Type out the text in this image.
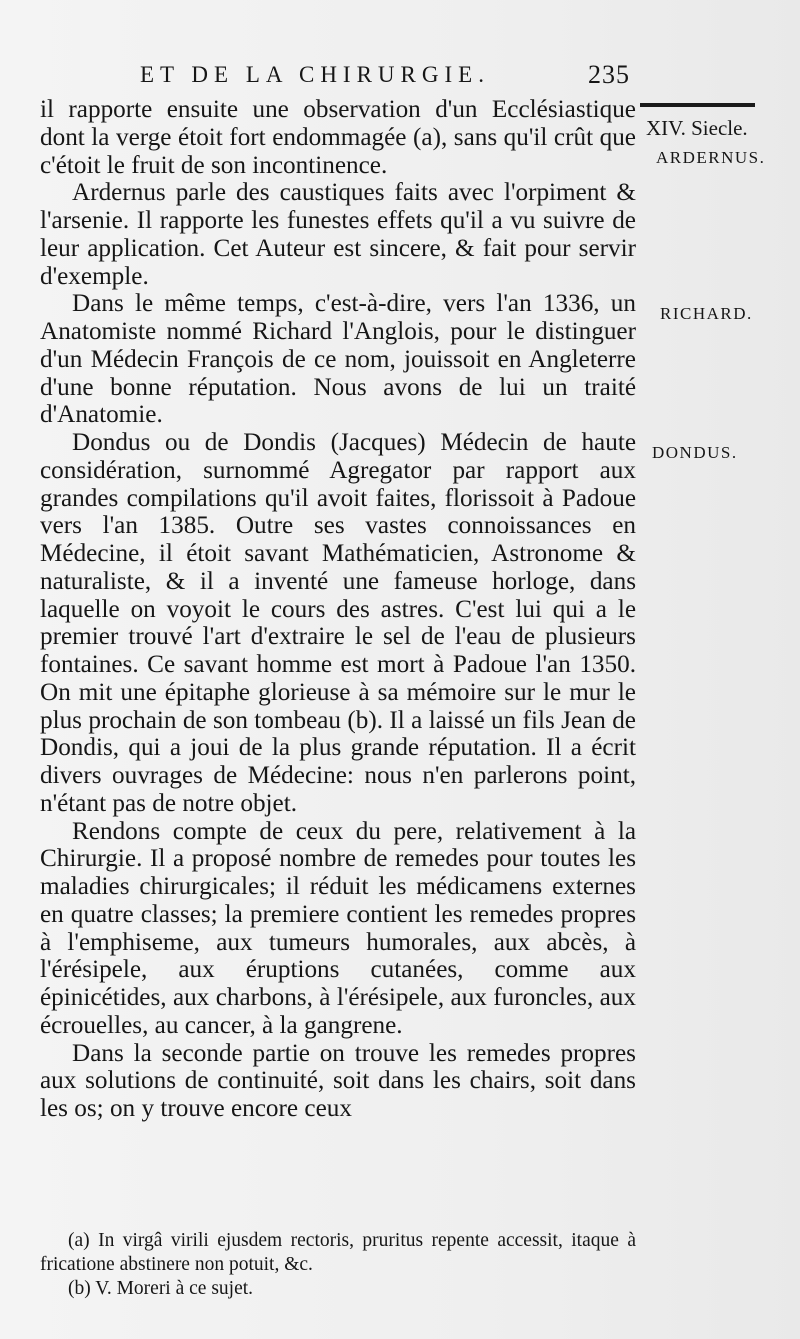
ET DE LA CHIRURGIE.	235
XIV. Siecle.
ARDERNUS.
RICHARD.
DONDUS.

il rapporte ensuite une observation d'un Ecclésiastique dont la verge étoit fort endommagée (a), sans qu'il crût que c'étoit le fruit de son incontinence.

Ardernus parle des caustiques faits avec l'orpiment & l'arsenie. Il rapporte les funestes effets qu'il a vu suivre de leur application. Cet Auteur est sincere, & fait pour servir d'exemple.

Dans le même temps, c'est-à-dire, vers l'an 1336, un Anatomiste nommé Richard l'Anglois, pour le distinguer d'un Médecin François de ce nom, jouissoit en Angleterre d'une bonne réputation. Nous avons de lui un traité d'Anatomie.

Dondus ou de Dondis (Jacques) Médecin de haute considération, surnommé Agregator par rapport aux grandes compilations qu'il avoit faites, florissoit à Padoue vers l'an 1385. Outre ses vastes connoissances en Médecine, il étoit savant Mathématicien, Astronome & naturaliste, & il a inventé une fameuse horloge, dans laquelle on voyoit le cours des astres. C'est lui qui a le premier trouvé l'art d'extraire le sel de l'eau de plusieurs fontaines. Ce savant homme est mort à Padoue l'an 1350. On mit une épitaphe glorieuse à sa mémoire sur le mur le plus prochain de son tombeau (b). Il a laissé un fils Jean de Dondis, qui a joui de la plus grande réputation. Il a écrit divers ouvrages de Médecine: nous n'en parlerons point, n'étant pas de notre objet.

Rendons compte de ceux du pere, relativement à la Chirurgie. Il a proposé nombre de remedes pour toutes les maladies chirurgicales; il réduit les médicamens externes en quatre classes; la premiere contient les remedes propres à l'emphiseme, aux tumeurs humorales, aux abcès, à l'érésipele, aux éruptions cutanées, comme aux épinicétides, aux charbons, à l'érésipele, aux furoncles, aux écrouelles, au cancer, à la gangrene.

Dans la seconde partie on trouve les remedes propres aux solutions de continuité, soit dans les chairs, soit dans les os; on y trouve encore ceux

(a) In virgâ virili ejusdem rectoris, pruritus repente accessit, itaque à fricatione abstinere non potuit, &c.

(b) V. Moreri à ce sujet.
